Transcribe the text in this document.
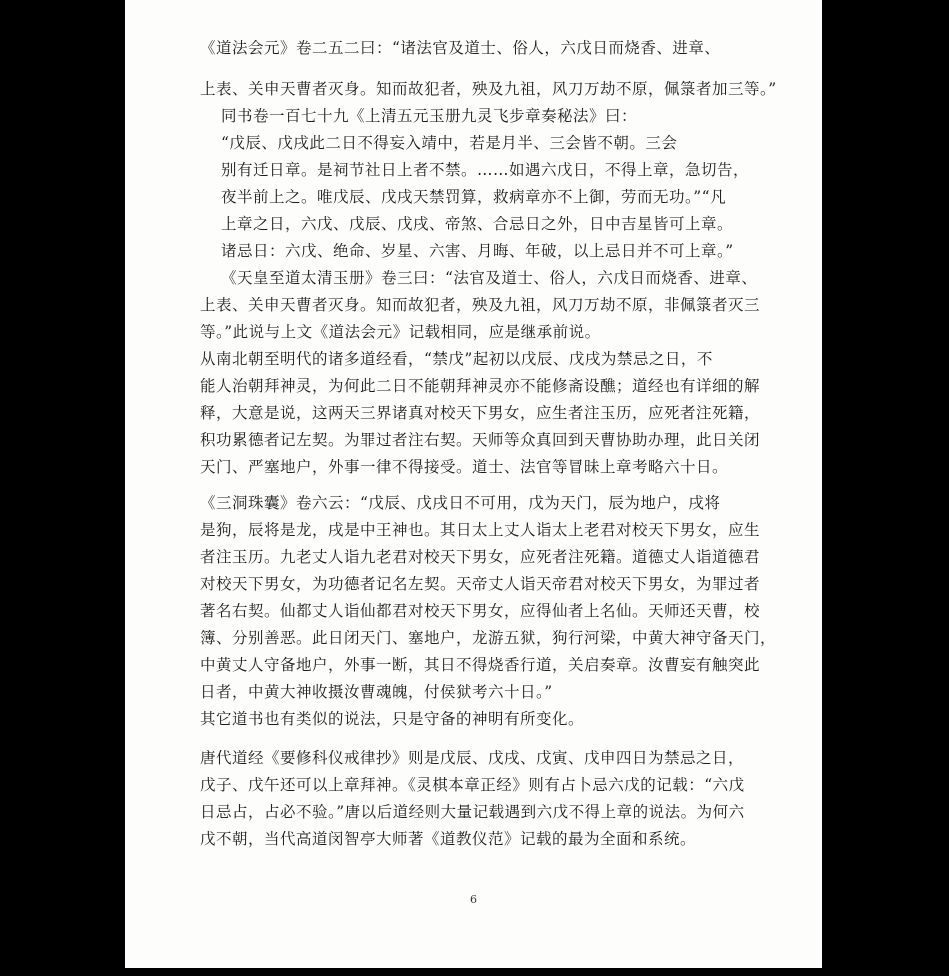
《道法会元》卷二五二曰：“诸法官及道士、俗人，六戊日而烧香、进章、

上表、关申天曹者灭身。知而故犯者，殃及九祖，风刀万劫不原，佩箓者加三等。”

同书卷一百七十九《上清五元玉册九灵飞步章奏秘法》曰：

“戊辰、戊戌此二日不得妄入靖中，若是月半、三会皆不朝。三会

别有迁日章。是祠节社日上者不禁。……如遇六戊日，不得上章，急切告，

夜半前上之。唯戊辰、戊戌天禁罚算，救病章亦不上御，劳而无功。”“凡

上章之日，六戊、戊辰、戊戌、帝煞、合忌日之外，日中吉星皆可上章。

诸忌日：六戊、绝命、岁星、六害、月晦、年破，以上忌日并不可上章。”

《天皇至道太清玉册》卷三曰：“法官及道士、俗人，六戊日而烧香、进章、

上表、关申天曹者灭身。知而故犯者，殃及九祖，风刀万劫不原，非佩箓者灭三

等。”此说与上文《道法会元》记载相同，应是继承前说。

从南北朝至明代的诸多道经看，“禁戊”起初以戊辰、戊戌为禁忌之日，不

能人治朝拜神灵，为何此二日不能朝拜神灵亦不能修斋设醮；道经也有详细的解

释，大意是说，这两天三界诸真对校天下男女，应生者注玉历，应死者注死籍，

积功累德者记左契。为罪过者注右契。天师等众真回到天曹协助办理，此日关闭

天门、严塞地户，外事一律不得接受。道士、法官等冒昧上章考略六十日。

《三洞珠囊》卷六云：“戊辰、戊戌日不可用，戊为天门，辰为地户，戌将

是狗，辰将是龙，戌是中王神也。其日太上丈人诣太上老君对校天下男女，应生

者注玉历。九老丈人诣九老君对校天下男女，应死者注死籍。道德丈人诣道德君

对校天下男女，为功德者记名左契。天帝丈人诣天帝君对校天下男女，为罪过者

著名右契。仙都丈人诣仙都君对校天下男女，应得仙者上名仙。天师还天曹，校

簿、分别善恶。此日闭天门、塞地户，龙游五狱，狗行河梁，中黄大神守备天门，

中黄丈人守备地户，外事一断，其日不得烧香行道，关启奏章。汝曹妄有触突此

日者，中黄大神收摄汝曹魂魄，付侯狱考六十日。”

其它道书也有类似的说法，只是守备的神明有所变化。

唐代道经《要修科仪戒律抄》则是戊辰、戊戌、戊寅、戊申四日为禁忌之日，

戊子、戊午还可以上章拜神。《灵棋本章正经》则有占卜忌六戊的记载：“六戊

日忌占，占必不验。”唐以后道经则大量记载遇到六戊不得上章的说法。为何六

戊不朝，当代高道闵智亭大师著《道教仪范》记载的最为全面和系统。

6
